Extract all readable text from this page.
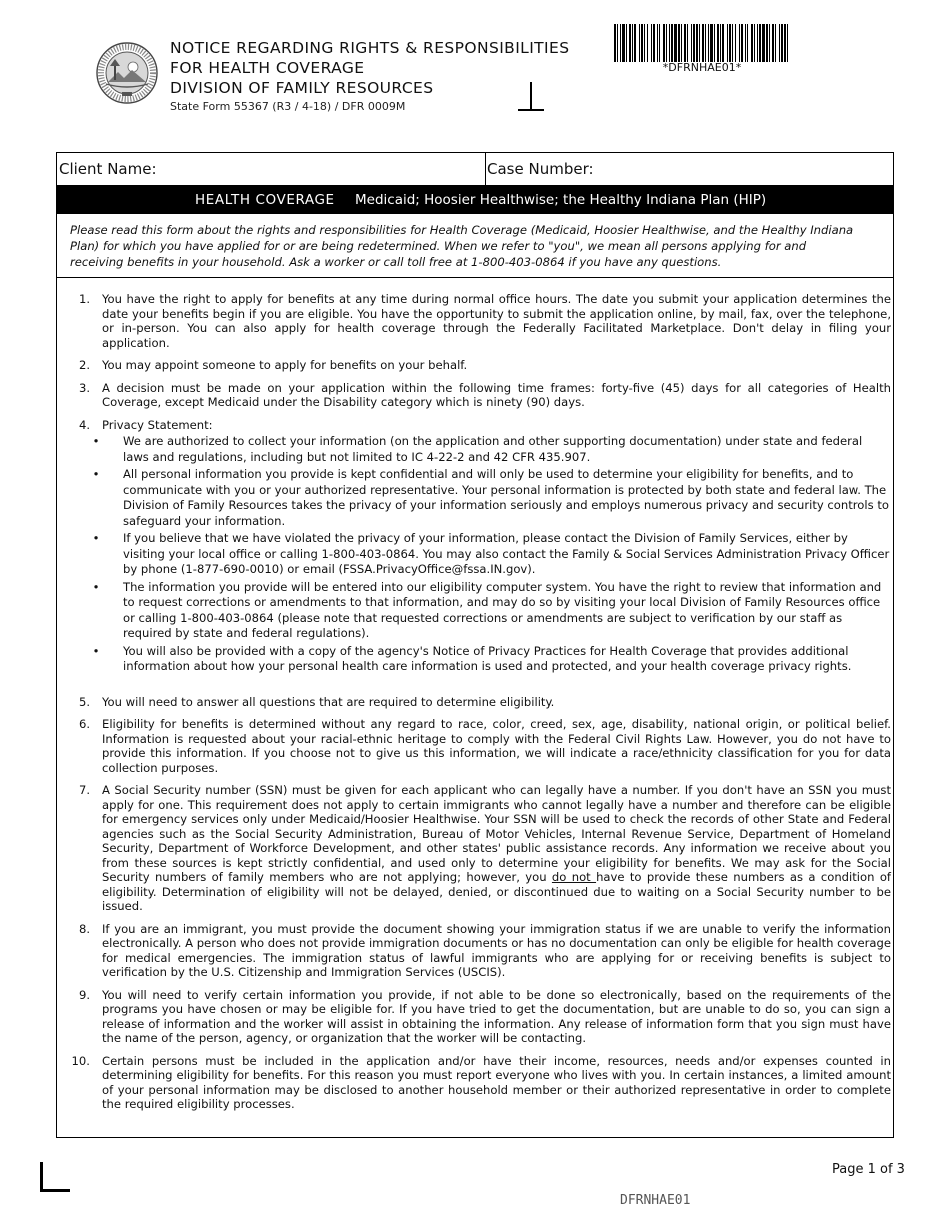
NOTICE REGARDING RIGHTS & RESPONSIBILITIES
FOR HEALTH COVERAGE
DIVISION OF FAMILY RESOURCES
State Form 55367 (R3 / 4-18) / DFR 0009M
*DFRNHAE01*
Client Name:	Case Number:
HEALTH COVERAGE Medicaid; Hoosier Healthwise; the Healthy Indiana Plan (HIP)
Please read this form about the rights and responsibilities for Health Coverage (Medicaid, Hoosier Healthwise, and the Healthy Indiana Plan) for which you have applied for or are being redetermined. When we refer to "you", we mean all persons applying for and receiving benefits in your household. Ask a worker or call toll free at 1-800-403-0864 if you have any questions.
1. You have the right to apply for benefits at any time during normal office hours. The date you submit your application determines the date your benefits begin if you are eligible. You have the opportunity to submit the application online, by mail, fax, over the telephone, or in-person. You can also apply for health coverage through the Federally Facilitated Marketplace. Don't delay in filing your application.
2. You may appoint someone to apply for benefits on your behalf.
3. A decision must be made on your application within the following time frames: forty-five (45) days for all categories of Health Coverage, except Medicaid under the Disability category which is ninety (90) days.
4. Privacy Statement:
•	We are authorized to collect your information (on the application and other supporting documentation) under state and federal laws and regulations, including but not limited to IC 4-22-2 and 42 CFR 435.907.
•	All personal information you provide is kept confidential and will only be used to determine your eligibility for benefits, and to communicate with you or your authorized representative. Your personal information is protected by both state and federal law. The Division of Family Resources takes the privacy of your information seriously and employs numerous privacy and security controls to safeguard your information.
•	If you believe that we have violated the privacy of your information, please contact the Division of Family Services, either by visiting your local office or calling 1-800-403-0864. You may also contact the Family & Social Services Administration Privacy Officer by phone (1-877-690-0010) or email (FSSA.PrivacyOffice@fssa.IN.gov).
•	The information you provide will be entered into our eligibility computer system. You have the right to review that information and to request corrections or amendments to that information, and may do so by visiting your local Division of Family Resources office or calling 1-800-403-0864 (please note that requested corrections or amendments are subject to verification by our staff as required by state and federal regulations).
•	You will also be provided with a copy of the agency's Notice of Privacy Practices for Health Coverage that provides additional information about how your personal health care information is used and protected, and your health coverage privacy rights.
5. You will need to answer all questions that are required to determine eligibility.
6. Eligibility for benefits is determined without any regard to race, color, creed, sex, age, disability, national origin, or political belief. Information is requested about your racial-ethnic heritage to comply with the Federal Civil Rights Law. However, you do not have to provide this information. If you choose not to give us this information, we will indicate a race/ethnicity classification for you for data collection purposes.
7. A Social Security number (SSN) must be given for each applicant who can legally have a number. If you don't have an SSN you must apply for one. This requirement does not apply to certain immigrants who cannot legally have a number and therefore can be eligible for emergency services only under Medicaid/Hoosier Healthwise. Your SSN will be used to check the records of other State and Federal agencies such as the Social Security Administration, Bureau of Motor Vehicles, Internal Revenue Service, Department of Homeland Security, Department of Workforce Development, and other states' public assistance records. Any information we receive about you from these sources is kept strictly confidential, and used only to determine your eligibility for benefits. We may ask for the Social Security numbers of family members who are not applying; however, you do not have to provide these numbers as a condition of eligibility. Determination of eligibility will not be delayed, denied, or discontinued due to waiting on a Social Security number to be issued.
8. If you are an immigrant, you must provide the document showing your immigration status if we are unable to verify the information electronically. A person who does not provide immigration documents or has no documentation can only be eligible for health coverage for medical emergencies. The immigration status of lawful immigrants who are applying for or receiving benefits is subject to verification by the U.S. Citizenship and Immigration Services (USCIS).
9. You will need to verify certain information you provide, if not able to be done so electronically, based on the requirements of the programs you have chosen or may be eligible for. If you have tried to get the documentation, but are unable to do so, you can sign a release of information and the worker will assist in obtaining the information. Any release of information form that you sign must have the name of the person, agency, or organization that the worker will be contacting.
10. Certain persons must be included in the application and/or have their income, resources, needs and/or expenses counted in determining eligibility for benefits. For this reason you must report everyone who lives with you. In certain instances, a limited amount of your personal information may be disclosed to another household member or their authorized representative in order to complete the required eligibility processes.
Page 1 of 3
DFRNHAE01
